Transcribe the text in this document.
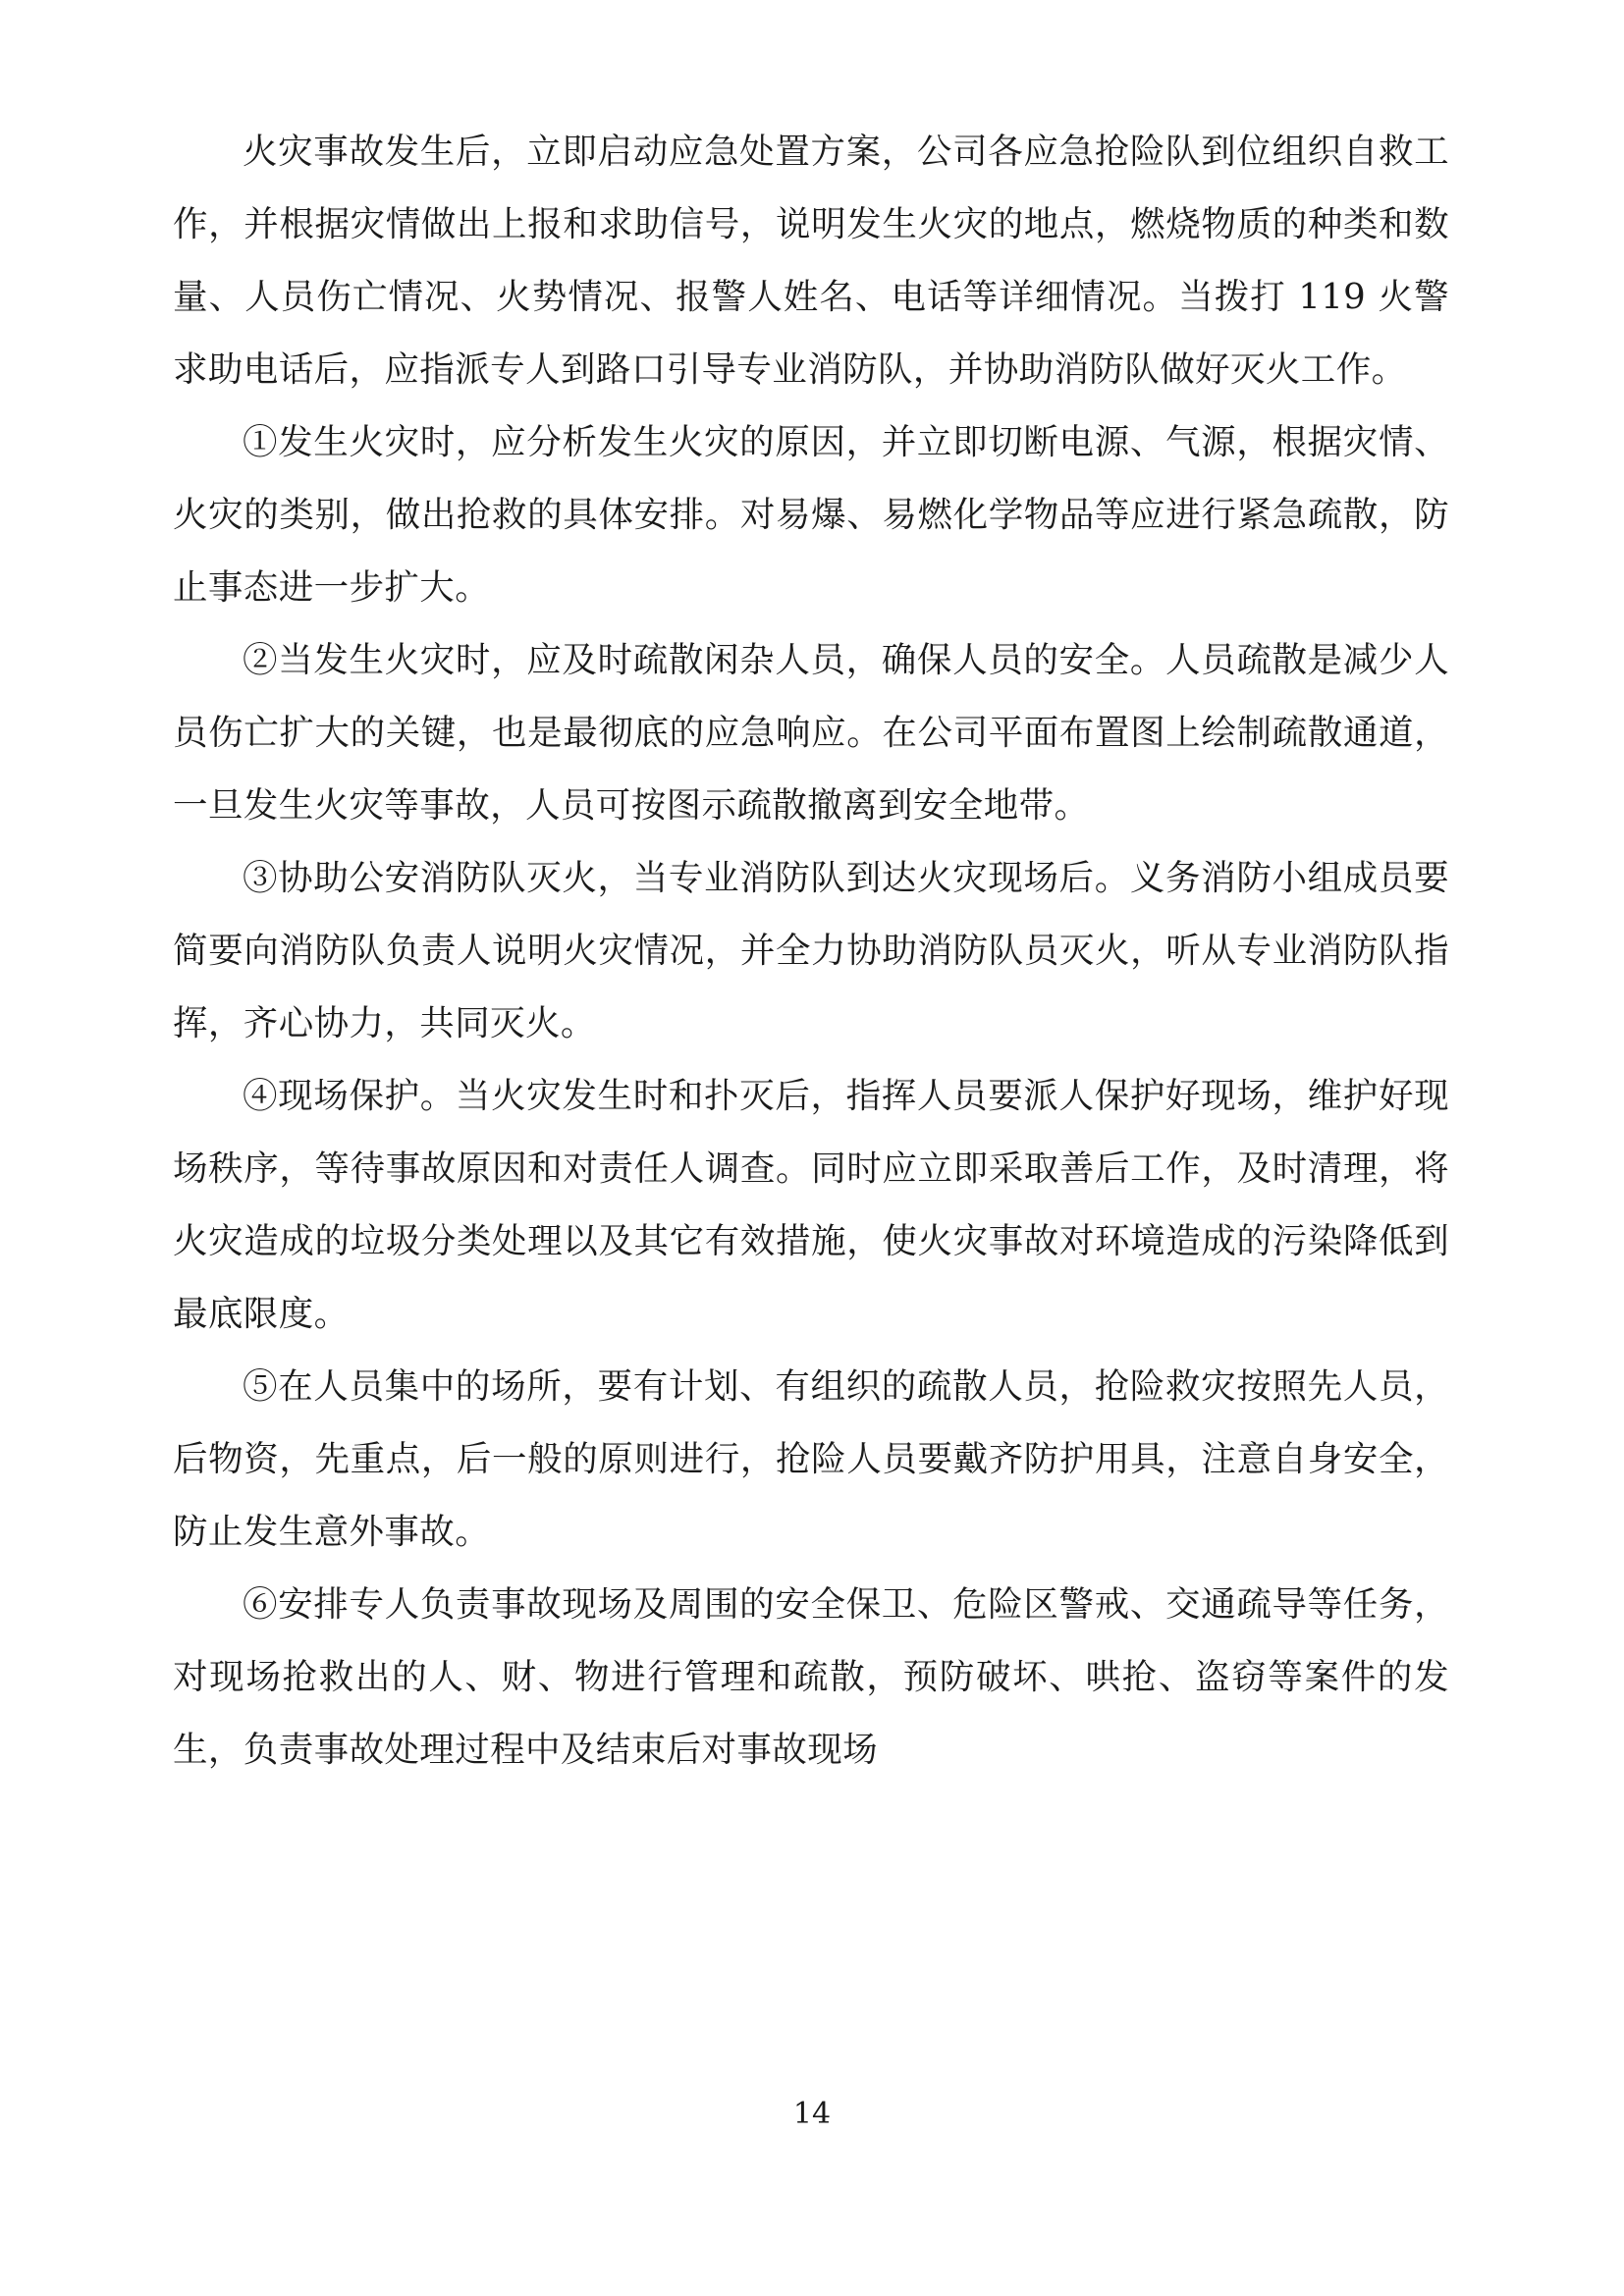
火灾事故发生后，立即启动应急处置方案，公司各应急抢险队到位组织自救工作，并根据灾情做出上报和求助信号，说明发生火灾的地点，燃烧物质的种类和数量、人员伤亡情况、火势情况、报警人姓名、电话等详细情况。当拨打 119 火警求助电话后，应指派专人到路口引导专业消防队，并协助消防队做好灭火工作。

①发生火灾时，应分析发生火灾的原因，并立即切断电源、气源，根据灾情、火灾的类别，做出抢救的具体安排。对易爆、易燃化学物品等应进行紧急疏散，防止事态进一步扩大。

②当发生火灾时，应及时疏散闲杂人员，确保人员的安全。人员疏散是减少人员伤亡扩大的关键，也是最彻底的应急响应。在公司平面布置图上绘制疏散通道，一旦发生火灾等事故，人员可按图示疏散撤离到安全地带。

③协助公安消防队灭火，当专业消防队到达火灾现场后。义务消防小组成员要简要向消防队负责人说明火灾情况，并全力协助消防队员灭火，听从专业消防队指挥，齐心协力，共同灭火。

④现场保护。当火灾发生时和扑灭后，指挥人员要派人保护好现场，维护好现场秩序，等待事故原因和对责任人调查。同时应立即采取善后工作，及时清理，将火灾造成的垃圾分类处理以及其它有效措施，使火灾事故对环境造成的污染降低到最底限度。

⑤在人员集中的场所，要有计划、有组织的疏散人员，抢险救灾按照先人员，后物资，先重点，后一般的原则进行，抢险人员要戴齐防护用具，注意自身安全，防止发生意外事故。

⑥安排专人负责事故现场及周围的安全保卫、危险区警戒、交通疏导等任务，对现场抢救出的人、财、物进行管理和疏散，预防破坏、哄抢、盗窃等案件的发生，负责事故处理过程中及结束后对事故现场

14
